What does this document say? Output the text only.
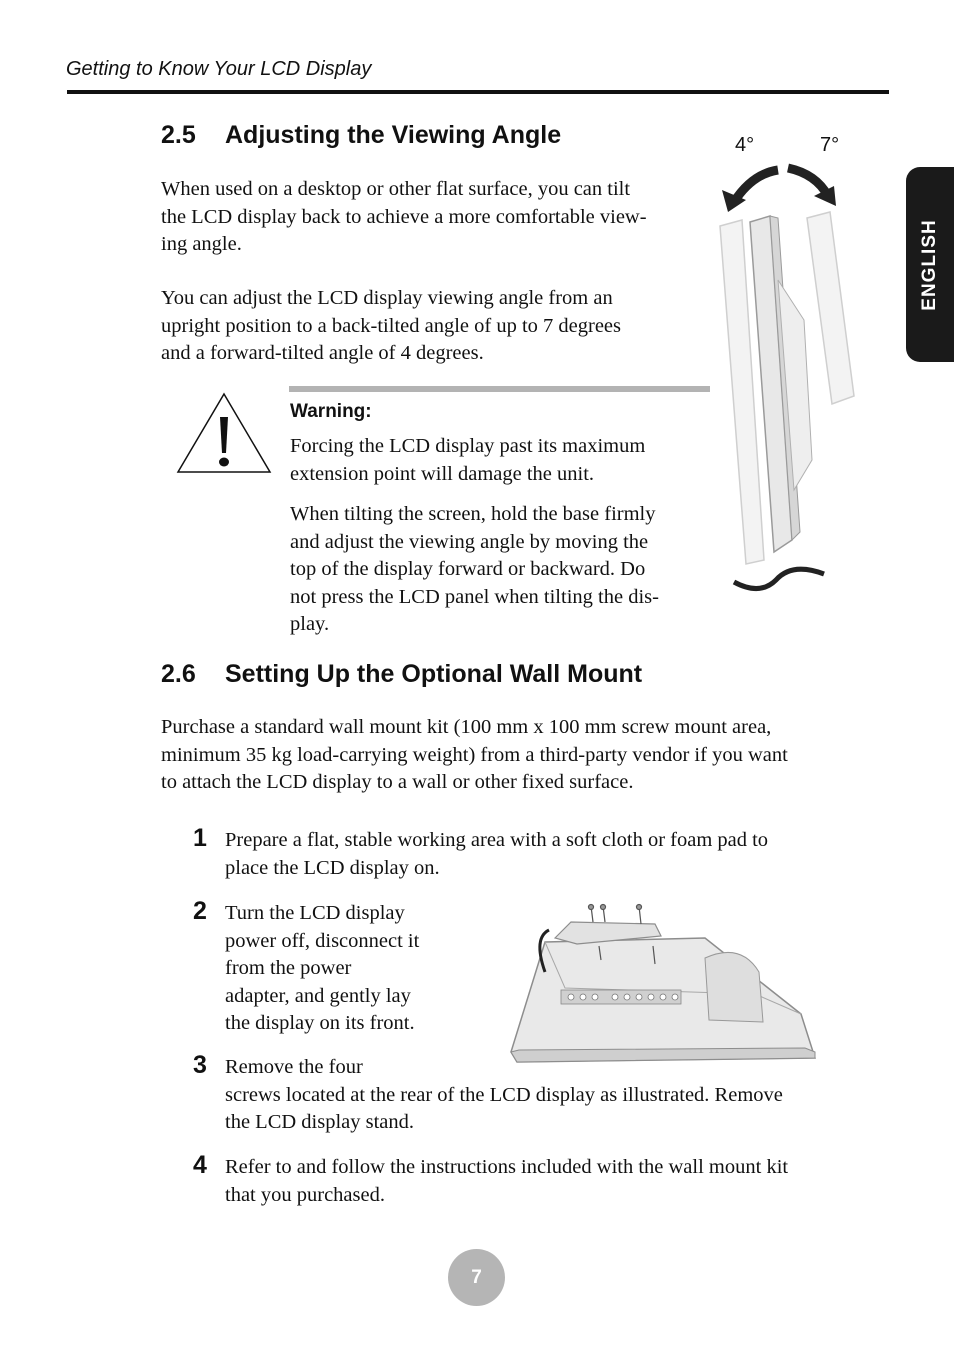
Getting to Know Your LCD Display
ENGLISH
2.5 Adjusting the Viewing Angle
When used on a desktop or other flat surface, you can tilt
the LCD display back to achieve a more comfortable view-
ing angle.
You can adjust the LCD display viewing angle from an
upright position to a back-tilted angle of up to 7 degrees
and a forward-tilted angle of 4 degrees.
4°	7°
Warning:
Forcing the LCD display past its maximum
extension point will damage the unit.
When tilting the screen, hold the base firmly
and adjust the viewing angle by moving the
top of the display forward or backward. Do
not press the LCD panel when tilting the dis-
play.
2.6 Setting Up the Optional Wall Mount
Purchase a standard wall mount kit (100 mm x 100 mm screw mount area,
minimum 35 kg load-carrying weight) from a third-party vendor if you want
to attach the LCD display to a wall or other fixed surface.
1 Prepare a flat, stable working area with a soft cloth or foam pad to
place the LCD display on.
2 Turn the LCD display
power off, disconnect it
from the power
adapter, and gently lay
the display on its front.
3 Remove the four
screws located at the rear of the LCD display as illustrated. Remove
the LCD display stand.
4 Refer to and follow the instructions included with the wall mount kit
that you purchased.
7
